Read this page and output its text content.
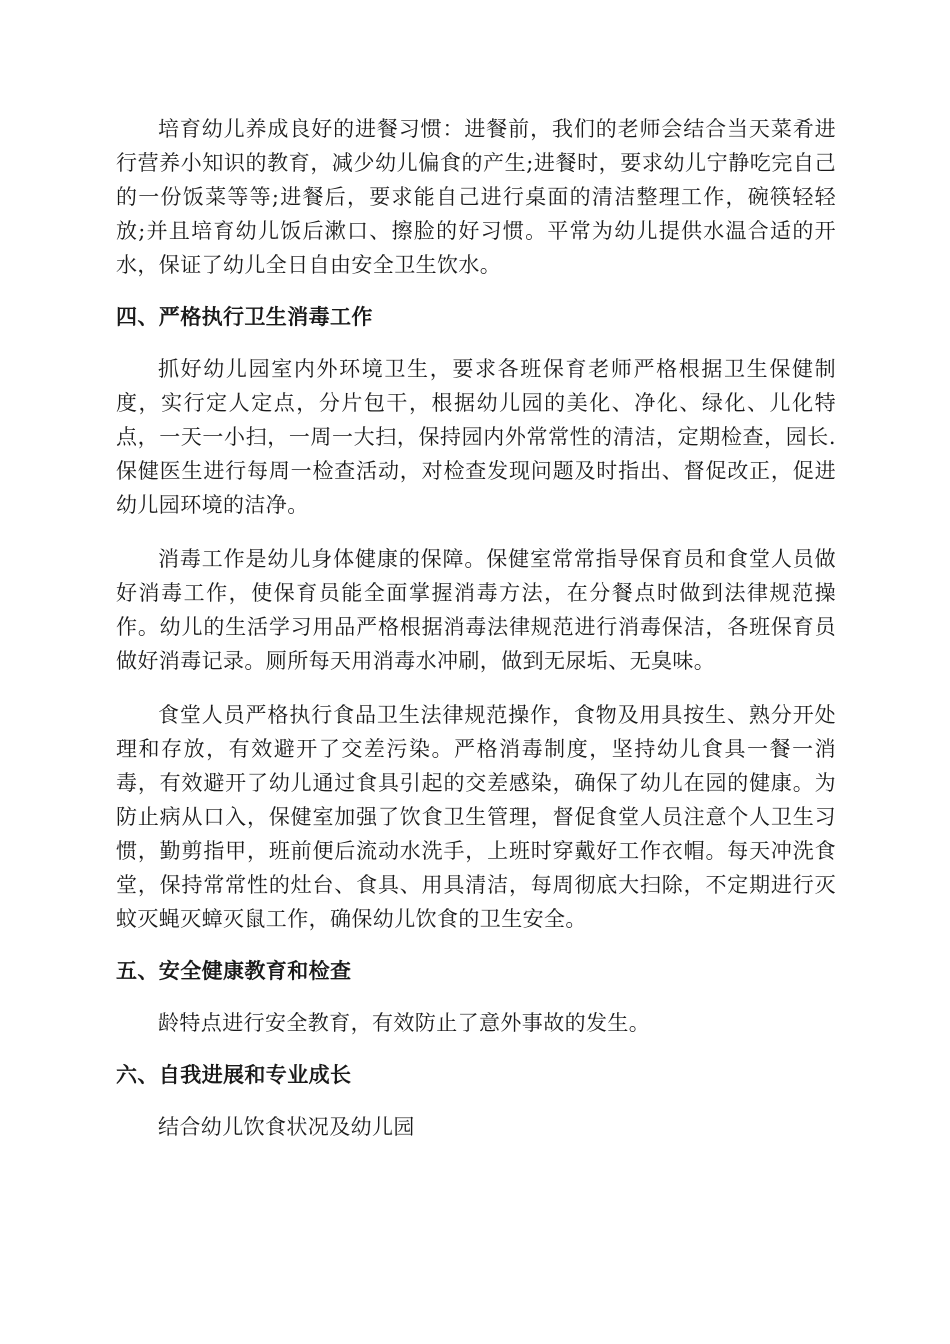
培育幼儿养成良好的进餐习惯：进餐前，我们的老师会结合当天菜肴进行营养小知识的教育，减少幼儿偏食的产生;进餐时，要求幼儿宁静吃完自己的一份饭菜等等;进餐后，要求能自己进行桌面的清洁整理工作，碗筷轻轻放;并且培育幼儿饭后漱口、擦脸的好习惯。平常为幼儿提供水温合适的开水，保证了幼儿全日自由安全卫生饮水。

四、严格执行卫生消毒工作

抓好幼儿园室内外环境卫生，要求各班保育老师严格根据卫生保健制度，实行定人定点，分片包干，根据幼儿园的美化、净化、绿化、儿化特点，一天一小扫，一周一大扫，保持园内外常常性的清洁，定期检查，园长. 保健医生进行每周一检查活动，对检查发现问题及时指出、督促改正，促进幼儿园环境的洁净。

消毒工作是幼儿身体健康的保障。保健室常常指导保育员和食堂人员做好消毒工作，使保育员能全面掌握消毒方法，在分餐点时做到法律规范操作。幼儿的生活学习用品严格根据消毒法律规范进行消毒保洁，各班保育员做好消毒记录。厕所每天用消毒水冲刷，做到无尿垢、无臭味。

食堂人员严格执行食品卫生法律规范操作，食物及用具按生、熟分开处理和存放，有效避开了交差污染。严格消毒制度，坚持幼儿食具一餐一消毒，有效避开了幼儿通过食具引起的交差感染，确保了幼儿在园的健康。为防止病从口入，保健室加强了饮食卫生管理，督促食堂人员注意个人卫生习惯，勤剪指甲，班前便后流动水洗手，上班时穿戴好工作衣帽。每天冲洗食堂，保持常常性的灶台、食具、用具清洁，每周彻底大扫除，不定期进行灭蚊灭蝇灭蟑灭鼠工作，确保幼儿饮食的卫生安全。

五、安全健康教育和检查

龄特点进行安全教育，有效防止了意外事故的发生。

六、自我进展和专业成长

结合幼儿饮食状况及幼儿园
